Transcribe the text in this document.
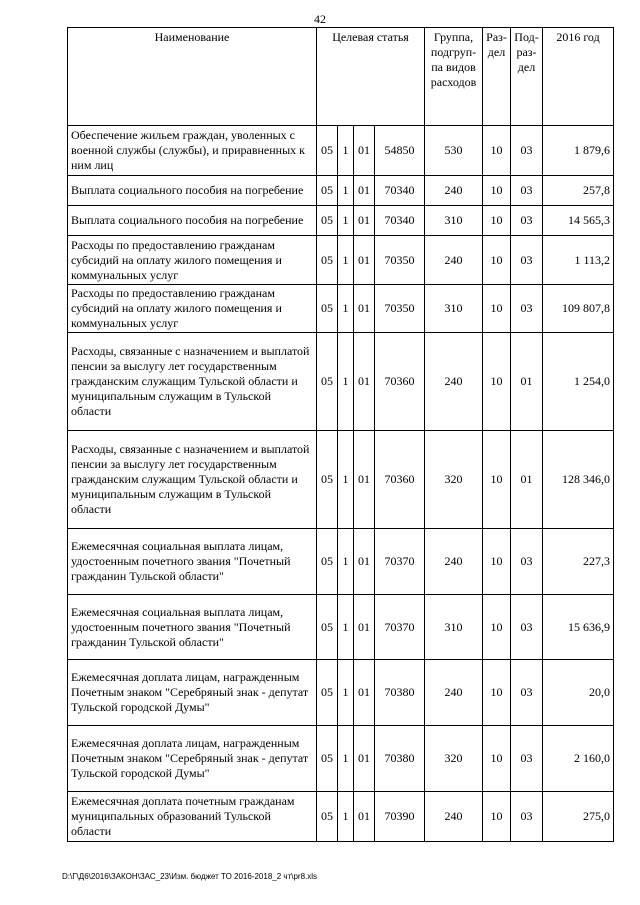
42
Наименование	Целевая статья				Группа, подгруп-па видов расходов	Раз-дел	Под-раз-дел	2016 год
Обеспечение жильем граждан, уволенных с военной службы (службы), и приравненных к ним лиц	05	1	01	54850	530	10	03	1 879,6
Выплата социального пособия на погребение	05	1	01	70340	240	10	03	257,8
Выплата социального пособия на погребение	05	1	01	70340	310	10	03	14 565,3
Расходы по предоставлению гражданам субсидий на оплату жилого помещения и коммунальных услуг	05	1	01	70350	240	10	03	1 113,2
Расходы по предоставлению гражданам субсидий на оплату жилого помещения и коммунальных услуг	05	1	01	70350	310	10	03	109 807,8
Расходы, связанные с назначением и выплатой пенсии за выслугу лет государственным гражданским служащим Тульской области и муниципальным служащим в Тульской области	05	1	01	70360	240	10	01	1 254,0
Расходы, связанные с назначением и выплатой пенсии за выслугу лет государственным гражданским служащим Тульской области и муниципальным служащим в Тульской области	05	1	01	70360	320	10	01	128 346,0
Ежемесячная социальная выплата лицам, удостоенным почетного звания "Почетный гражданин Тульской области"	05	1	01	70370	240	10	03	227,3
Ежемесячная социальная выплата лицам, удостоенным почетного звания "Почетный гражданин Тульской области"	05	1	01	70370	310	10	03	15 636,9
Ежемесячная доплата лицам, награжденным Почетным знаком "Серебряный знак - депутат Тульской городской Думы"	05	1	01	70380	240	10	03	20,0
Ежемесячная доплата лицам, награжденным Почетным знаком "Серебряный знак - депутат Тульской городской Думы"	05	1	01	70380	320	10	03	2 160,0
Ежемесячная доплата почетным гражданам муниципальных образований Тульской области	05	1	01	70390	240	10	03	275,0
D:\Г\Д6\2016\ЗАКОН\ЗАС_23\Изм. бюджет ТО 2016-2018_2 чт\pr8.xls
